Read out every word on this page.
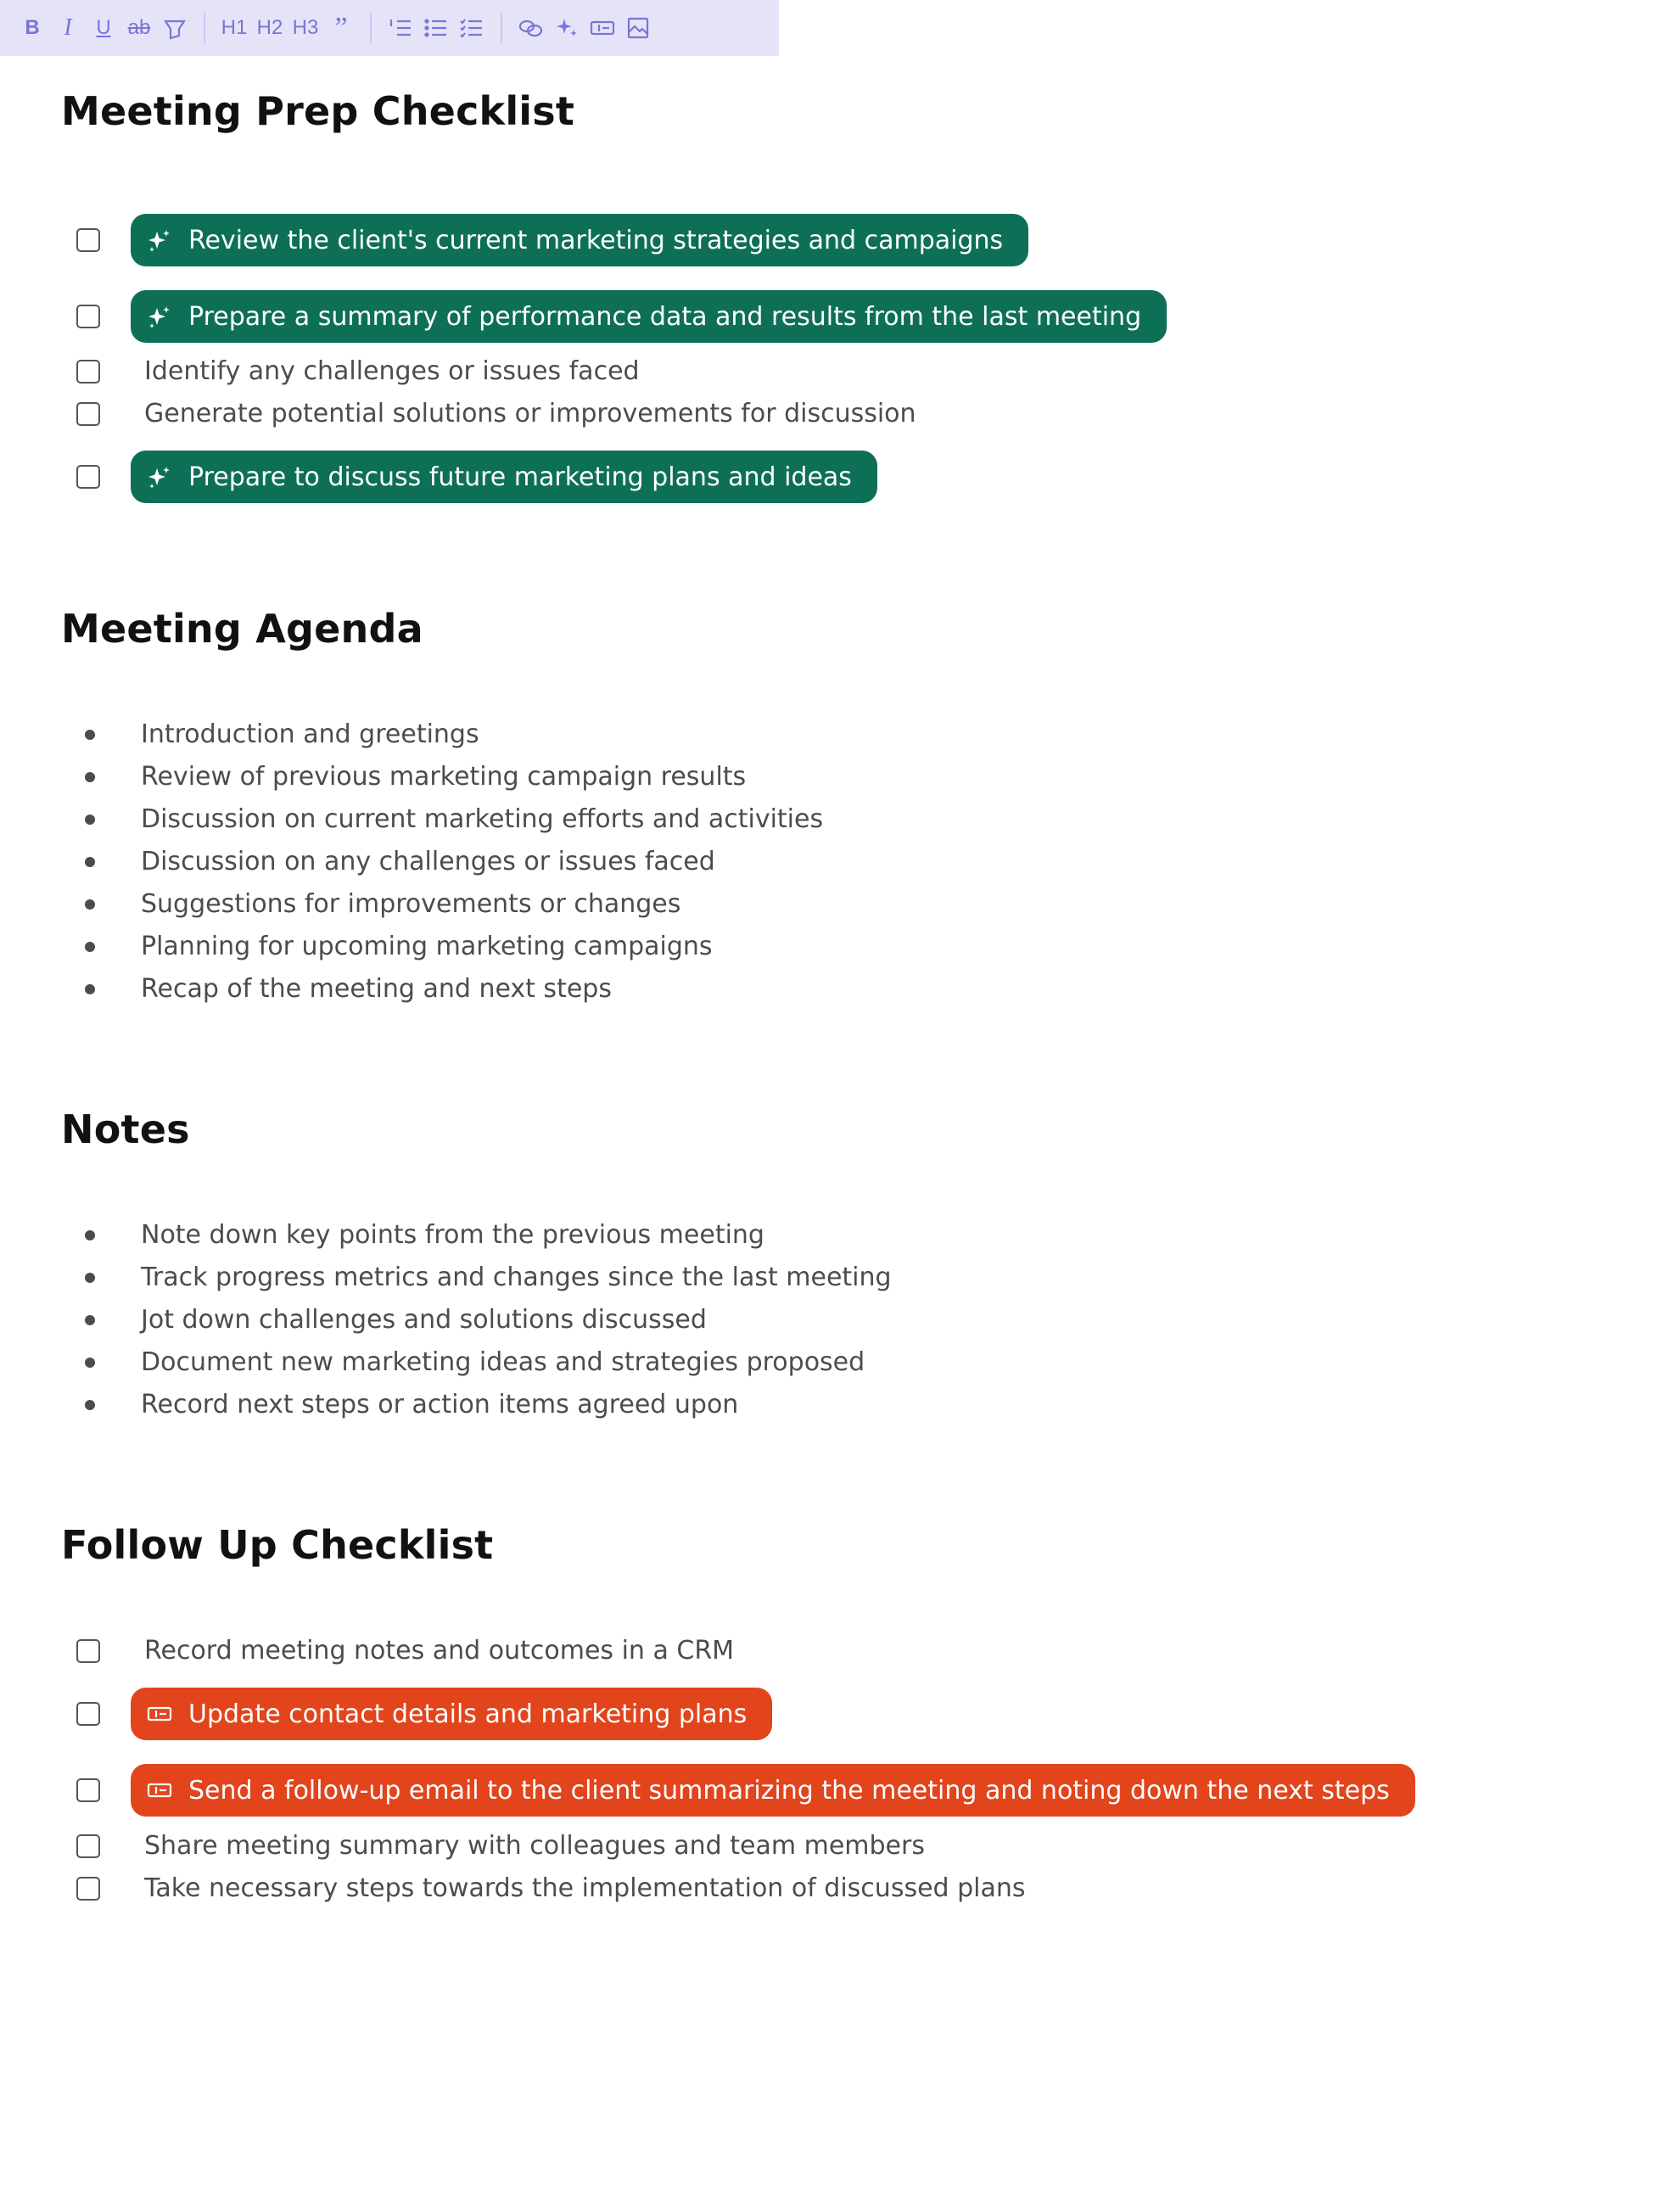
B	I	U ab	H1 H2 H3 ”
Meeting Prep Checklist
Review the client's current marketing strategies and campaigns
Prepare a summary of performance data and results from the last meeting
Identify any challenges or issues faced
Generate potential solutions or improvements for discussion
Prepare to discuss future marketing plans and ideas
Meeting Agenda
Introduction and greetings
Review of previous marketing campaign results
Discussion on current marketing efforts and activities
Discussion on any challenges or issues faced
Suggestions for improvements or changes
Planning for upcoming marketing campaigns
Recap of the meeting and next steps
Notes
Note down key points from the previous meeting
Track progress metrics and changes since the last meeting
Jot down challenges and solutions discussed
Document new marketing ideas and strategies proposed
Record next steps or action items agreed upon
Follow Up Checklist
Record meeting notes and outcomes in a CRM
Update contact details and marketing plans
Send a follow-up email to the client summarizing the meeting and noting down the next steps
Share meeting summary with colleagues and team members
Take necessary steps towards the implementation of discussed plans
